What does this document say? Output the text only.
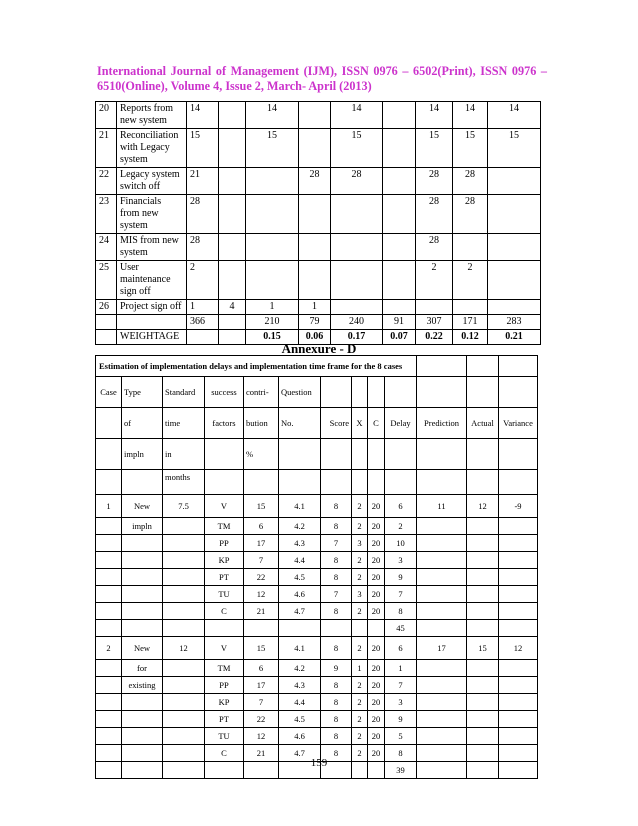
International Journal of Management (IJM), ISSN 0976 – 6502(Print), ISSN 0976 – 6510(Online), Volume 4, Issue 2, March- April (2013)
20	Reports from new system	14		14		14		14	14	14
21	Reconciliation with Legacy system	15		15		15		15	15	15
22	Legacy system switch off	21			28	28		28	28	
23	Financials from new system	28						28	28	
24	MIS from new system	28						28		
25	User maintenance sign off	2						2	2	
26	Project sign off	1	4	1	1					
		366		210	79	240	91	307	171	283
	WEIGHTAGE			0.15	0.06	0.17	0.07	0.22	0.12	0.21
Annexure - D
Estimation of implementation delays and implementation time frame for the 8 cases												
Case	Type	Standard	success	contri-	Question							
	of	time	factors	bution	No.	Score	X	C	Delay	Prediction	Actual	Variance
	impln	in		%								
		months										
1	New	7.5	V	15	4.1	8	2	20	6	11	12	-9
	impln		TM	6	4.2	8	2	20	2			
			PP	17	4.3	7	3	20	10			
			KP	7	4.4	8	2	20	3			
			PT	22	4.5	8	2	20	9			
			TU	12	4.6	7	3	20	7			
			C	21	4.7	8	2	20	8			
									45			
2	New	12	V	15	4.1	8	2	20	6	17	15	12
	for		TM	6	4.2	9	1	20	1			
	existing		PP	17	4.3	8	2	20	7			
			KP	7	4.4	8	2	20	3			
			PT	22	4.5	8	2	20	9			
			TU	12	4.6	8	2	20	5			
			C	21	4.7	8	2	20	8			
									39			
159
